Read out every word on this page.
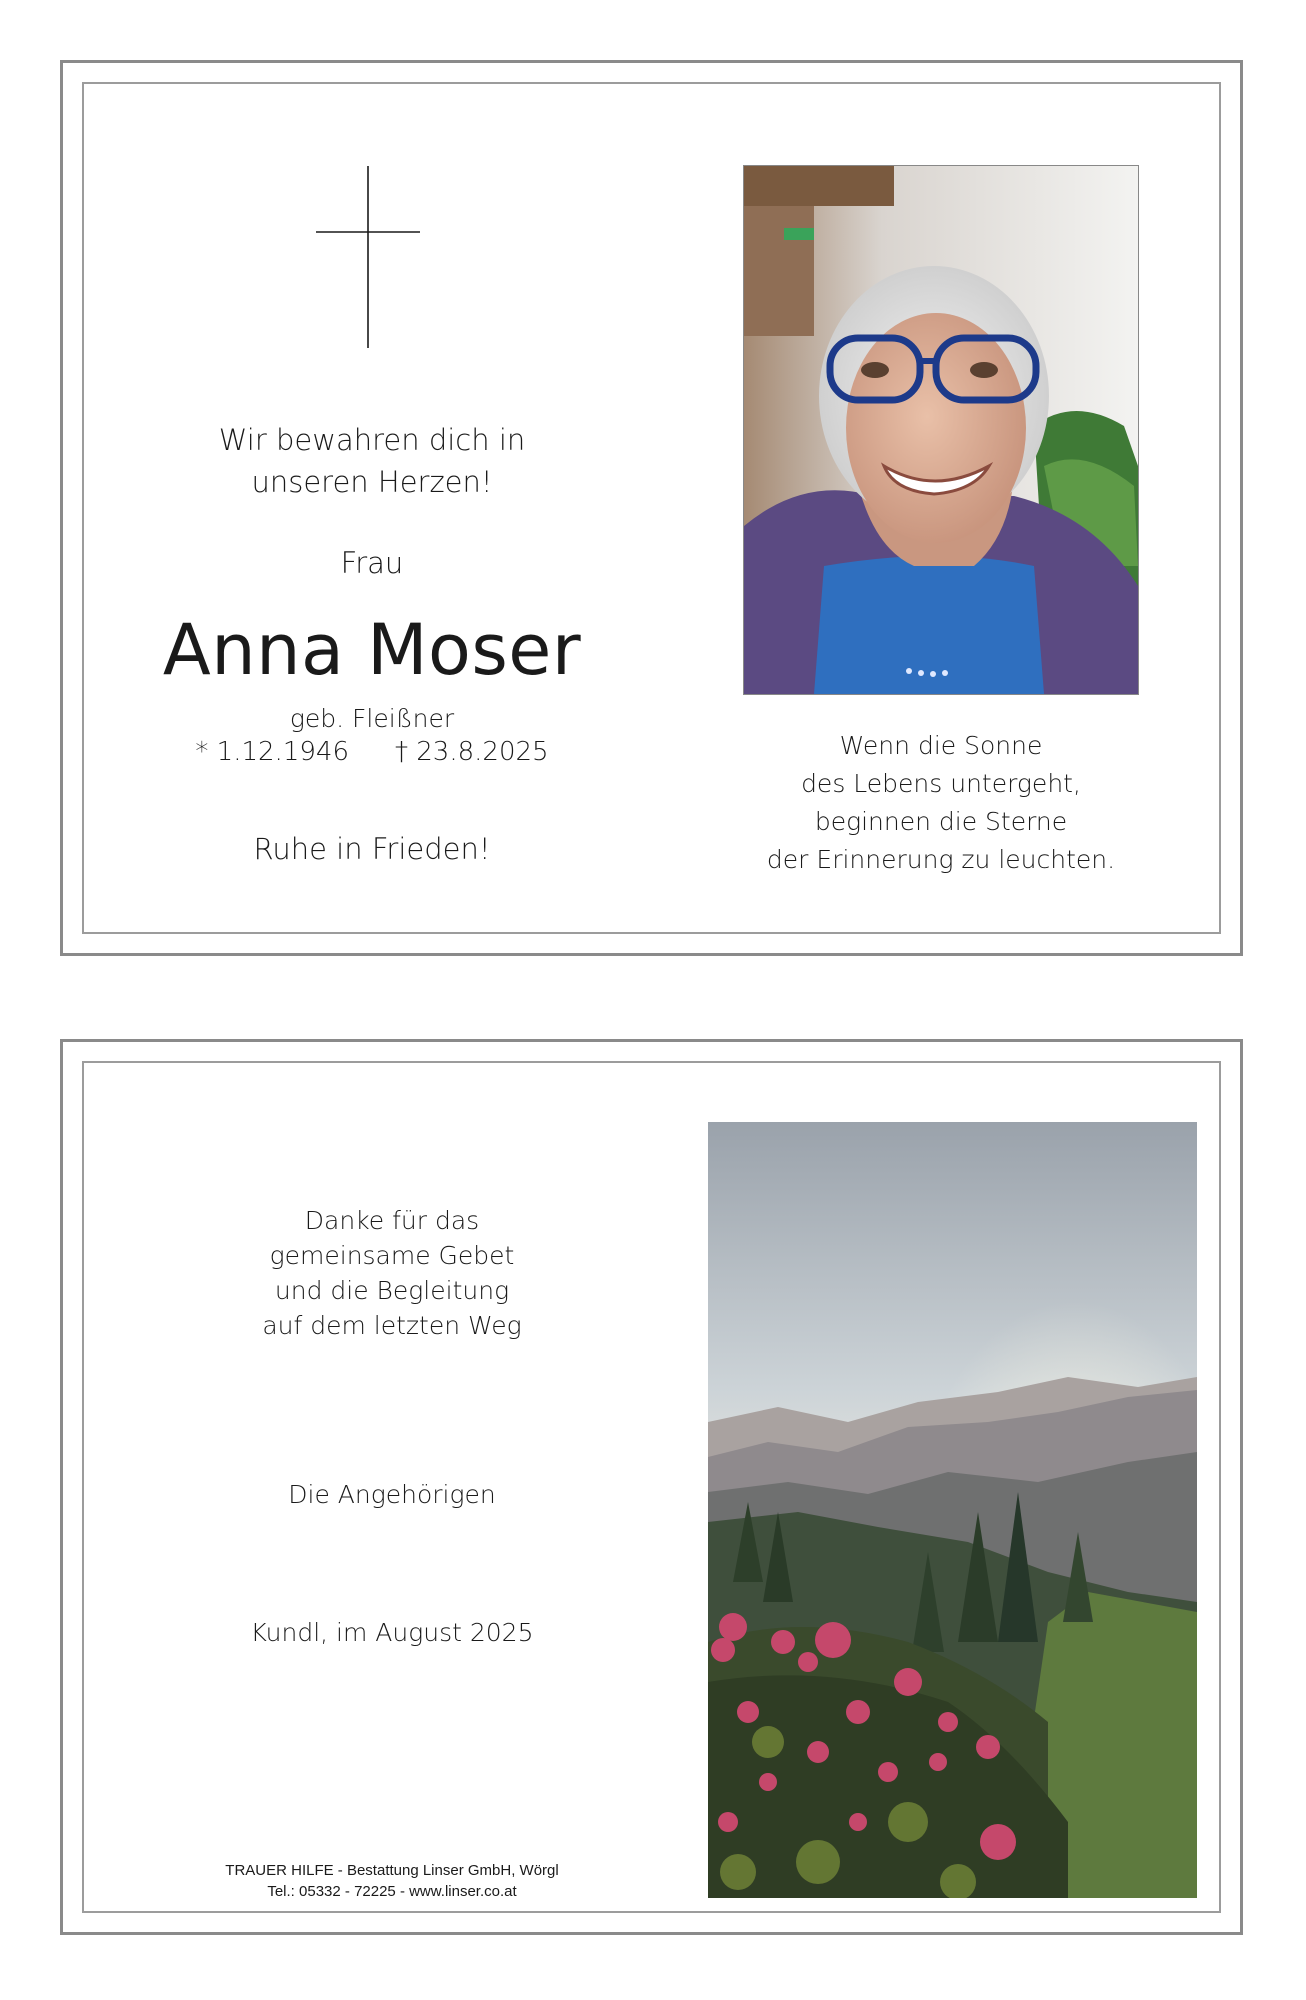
Wir bewahren dich in
unseren Herzen!
Frau
Anna Moser
geb. Fleißner
* 1.12.1946 † 23.8.2025
Ruhe in Frieden!
Wenn die Sonne
des Lebens untergeht,
beginnen die Sterne
der Erinnerung zu leuchten.
Danke für das
gemeinsame Gebet
und die Begleitung
auf dem letzten Weg
Die Angehörigen
Kundl, im August 2025
TRAUER HILFE - Bestattung Linser GmbH, Wörgl
Tel.: 05332 - 72225 - www.linser.co.at
